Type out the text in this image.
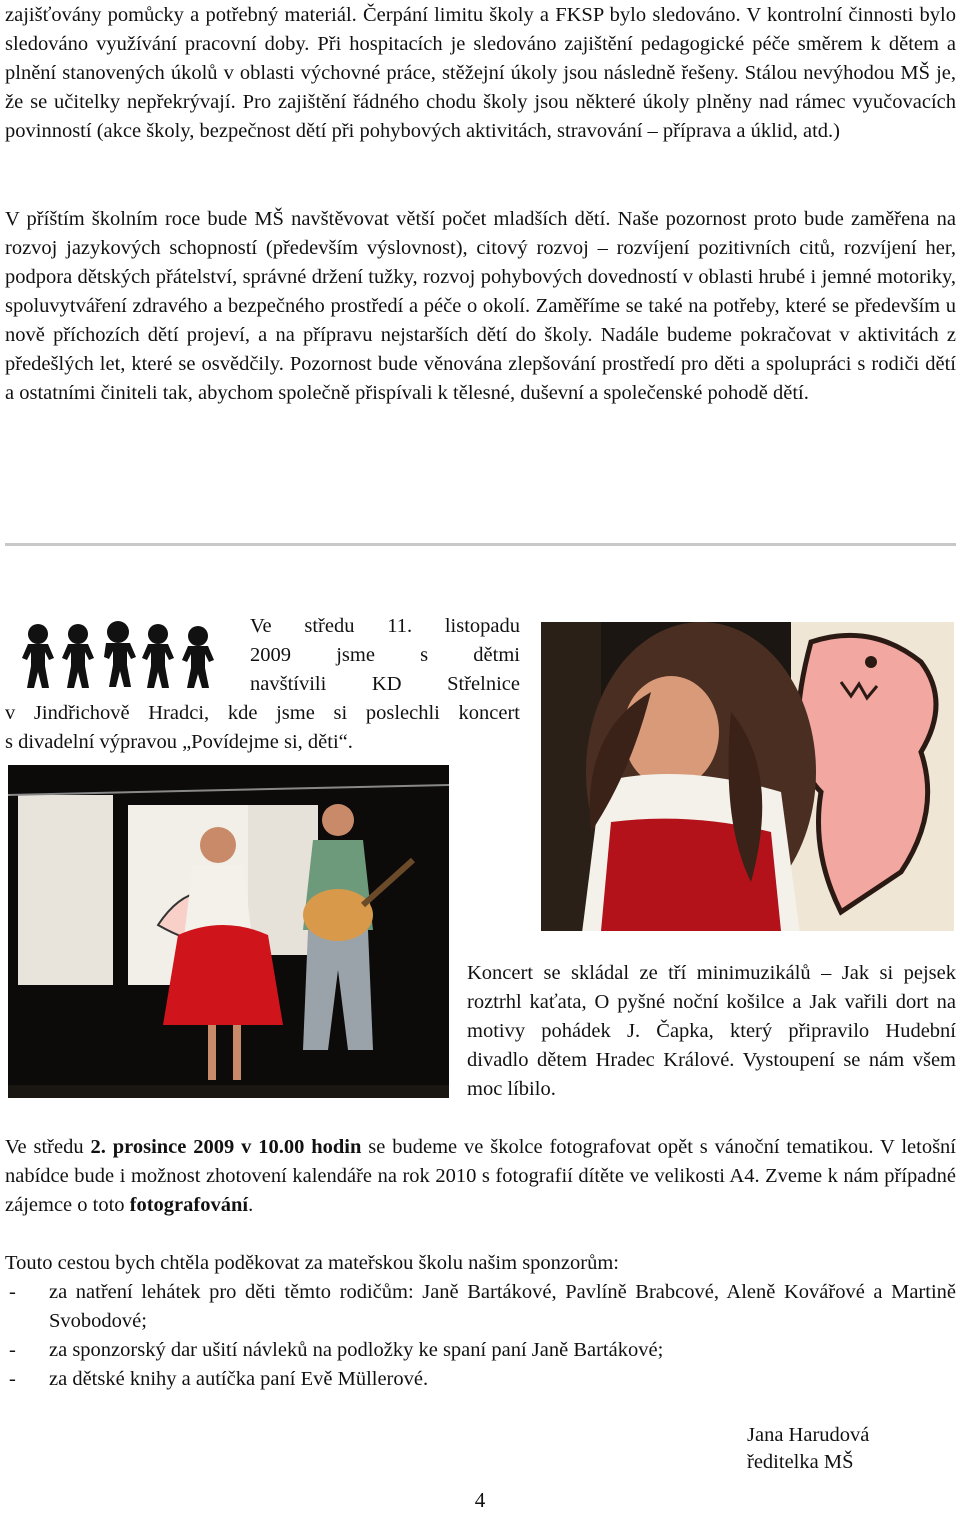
zajišťovány pomůcky a potřebný materiál. Čerpání limitu školy a FKSP bylo sledováno. V kontrolní činnosti bylo sledováno využívání pracovní doby. Při hospitacích je sledováno zajištění pedagogické péče směrem k dětem a plnění stanovených úkolů v oblasti výchovné práce, stěžejní úkoly jsou následně řešeny. Stálou nevýhodou MŠ je, že se učitelky nepřekrývají. Pro zajištění řádného chodu školy jsou některé úkoly plněny nad rámec vyučovacích povinností (akce školy, bezpečnost dětí při pohybových aktivitách, stravování – příprava a úklid, atd.)

V příštím školním roce bude MŠ navštěvovat větší počet mladších dětí. Naše pozornost proto bude zaměřena na rozvoj jazykových schopností (především výslovnost), citový rozvoj – rozvíjení pozitivních citů, rozvíjení her, podpora dětských přátelství, správné držení tužky, rozvoj pohybových dovedností v oblasti hrubé i jemné motoriky, spoluvytváření zdravého a bezpečného prostředí a péče o okolí. Zaměříme se také na potřeby, které se především u nově příchozích dětí projeví, a na přípravu nejstarších dětí do školy. Nadále budeme pokračovat v aktivitách z předešlých let, které se osvědčily. Pozornost bude věnována zlepšování prostředí pro děti a spolupráci s rodiči dětí a ostatními činiteli tak, abychom společně přispívali k tělesné, duševní a společenské pohodě dětí.

Ve středu 11. listopadu
2009 jsme s dětmi
navštívili KD Střelnice
v Jindřichově Hradci, kde jsme si poslechli koncert
s divadelní výpravou „Povídejme si, děti“.
Koncert se skládal ze tří minimuzikálů – Jak si pejsek roztrhl kaťata, O pyšné noční košilce a Jak vařili dort na motivy pohádek J. Čapka, který připravilo Hudební divadlo dětem Hradec Králové. Vystoupení se nám všem moc líbilo.

Ve středu 2. prosince 2009 v 10.00 hodin se budeme ve školce fotografovat opět s vánoční tematikou. V letošní nabídce bude i možnost zhotovení kalendáře na rok 2010 s fotografií dítěte ve velikosti A4. Zveme k nám případné zájemce o toto fotografování.

Touto cestou bych chtěla poděkovat za mateřskou školu našim sponzorům:

- za natření lehátek pro děti těmto rodičům: Janě Bartákové, Pavlíně Brabcové, Aleně Kovářové a Martině Svobodové;
- za sponzorský dar ušití návleků na podložky ke spaní paní Janě Bartákové;
- za dětské knihy a autíčka paní Evě Müllerové.
Jana Harudová
ředitelka MŠ
4
